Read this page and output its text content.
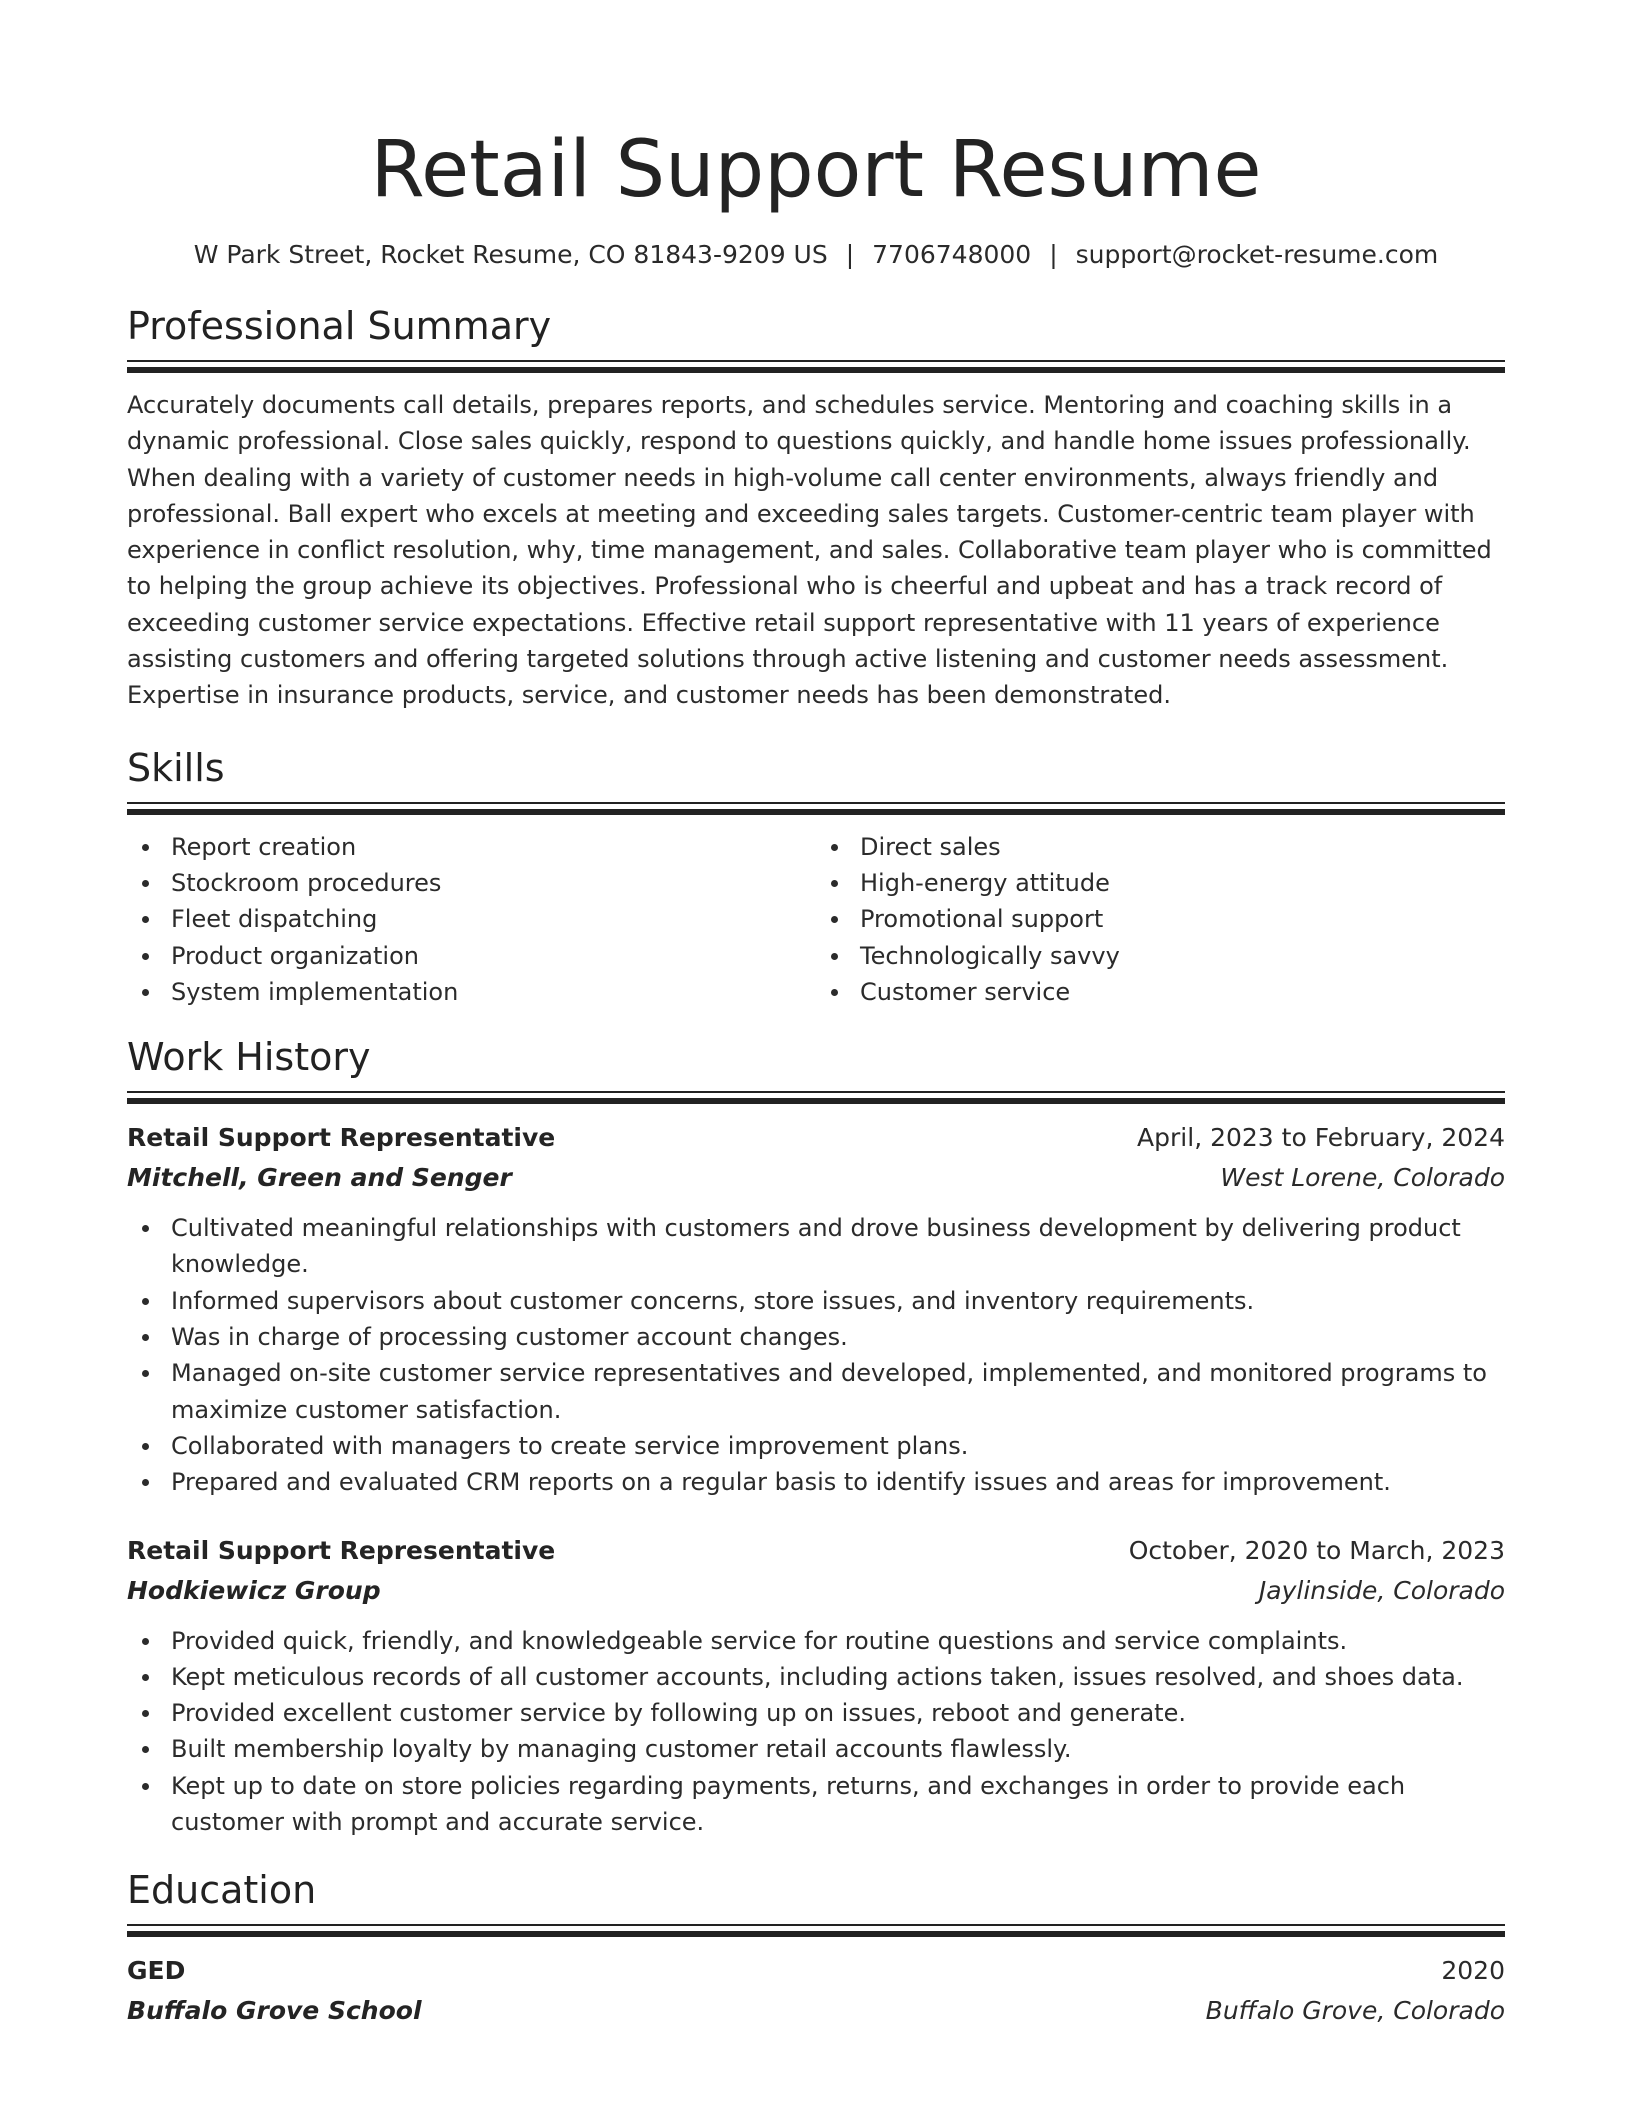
Retail Support Resume
W Park Street, Rocket Resume, CO 81843-9209 US | 7706748000 | support@rocket-resume.com
Professional Summary

Accurately documents call details, prepares reports, and schedules service. Mentoring and coaching skills in a dynamic professional. Close sales quickly, respond to questions quickly, and handle home issues professionally. When dealing with a variety of customer needs in high-volume call center environments, always friendly and professional. Ball expert who excels at meeting and exceeding sales targets. Customer-centric team player with experience in conflict resolution, why, time management, and sales. Collaborative team player who is committed to helping the group achieve its objectives. Professional who is cheerful and upbeat and has a track record of exceeding customer service expectations. Effective retail support representative with 11 years of experience assisting customers and offering targeted solutions through active listening and customer needs assessment. Expertise in insurance products, service, and customer needs has been demonstrated.

Skills
Report creation
Stockroom procedures
Fleet dispatching
Product organization
System implementation
Direct sales
High-energy attitude
Promotional support
Technologically savvy
Customer service
Work History
Retail Support Representative	April, 2023 to February, 2024
Mitchell, Green and Senger	West Lorene, Colorado
Cultivated meaningful relationships with customers and drove business development by delivering product knowledge.
Informed supervisors about customer concerns, store issues, and inventory requirements.
Was in charge of processing customer account changes.
Managed on-site customer service representatives and developed, implemented, and monitored programs to maximize customer satisfaction.
Collaborated with managers to create service improvement plans.
Prepared and evaluated CRM reports on a regular basis to identify issues and areas for improvement.
Retail Support Representative	October, 2020 to March, 2023
Hodkiewicz Group	Jaylinside, Colorado
Provided quick, friendly, and knowledgeable service for routine questions and service complaints.
Kept meticulous records of all customer accounts, including actions taken, issues resolved, and shoes data.
Provided excellent customer service by following up on issues, reboot and generate.
Built membership loyalty by managing customer retail accounts flawlessly.
Kept up to date on store policies regarding payments, returns, and exchanges in order to provide each customer with prompt and accurate service.
Education
GED	2020
Buffalo Grove School	Buffalo Grove, Colorado
